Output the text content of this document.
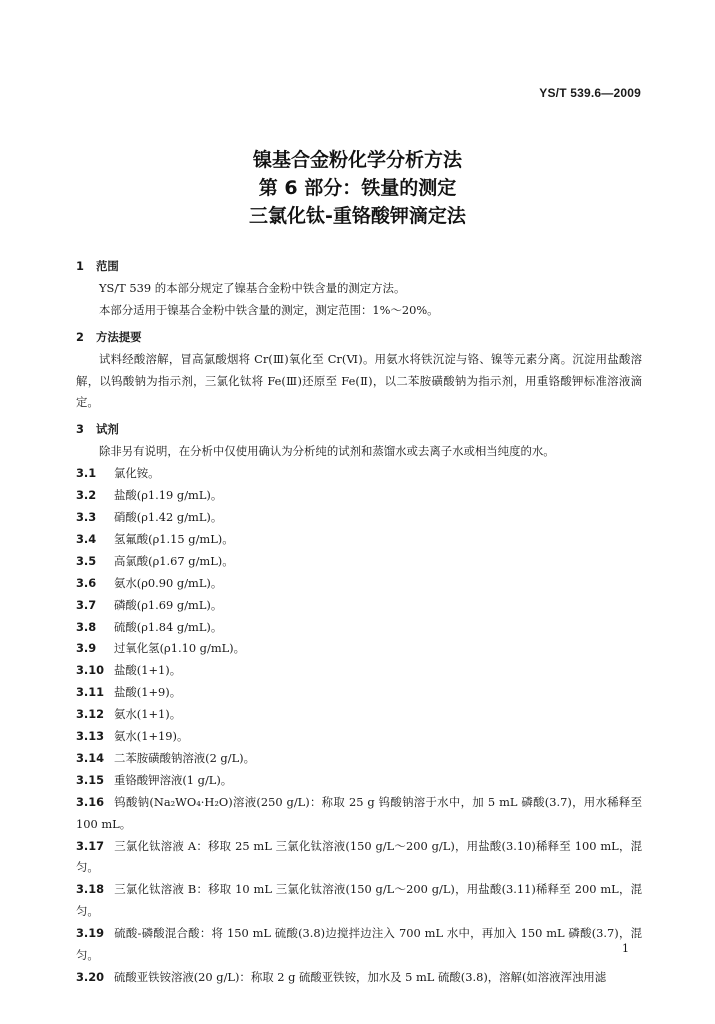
YS/T 539.6—2009
镍基合金粉化学分析方法
第 6 部分：铁量的测定
三氯化钛-重铬酸钾滴定法
1 范围
YS/T 539 的本部分规定了镍基合金粉中铁含量的测定方法。
本部分适用于镍基合金粉中铁含量的测定，测定范围：1%～20%。
2 方法提要
试料经酸溶解，冒高氯酸烟将 Cr(Ⅲ)氧化至 Cr(Ⅵ)。用氨水将铁沉淀与铬、镍等元素分离。沉淀用盐酸溶解，以钨酸钠为指示剂，三氯化钛将 Fe(Ⅲ)还原至 Fe(Ⅱ)，以二苯胺磺酸钠为指示剂，用重铬酸钾标准溶液滴定。
3 试剂
除非另有说明，在分析中仅使用确认为分析纯的试剂和蒸馏水或去离子水或相当纯度的水。
3.1 氯化铵。
3.2 盐酸(ρ1.19 g/mL)。
3.3 硝酸(ρ1.42 g/mL)。
3.4 氢氟酸(ρ1.15 g/mL)。
3.5 高氯酸(ρ1.67 g/mL)。
3.6 氨水(ρ0.90 g/mL)。
3.7 磷酸(ρ1.69 g/mL)。
3.8 硫酸(ρ1.84 g/mL)。
3.9 过氧化氢(ρ1.10 g/mL)。
3.10 盐酸(1+1)。
3.11 盐酸(1+9)。
3.12 氨水(1+1)。
3.13 氨水(1+19)。
3.14 二苯胺磺酸钠溶液(2 g/L)。
3.15 重铬酸钾溶液(1 g/L)。
3.16 钨酸钠(Na₂WO₄·H₂O)溶液(250 g/L)：称取 25 g 钨酸钠溶于水中，加 5 mL 磷酸(3.7)，用水稀释至 100 mL。
3.17 三氯化钛溶液 A：移取 25 mL 三氯化钛溶液(150 g/L～200 g/L)，用盐酸(3.10)稀释至 100 mL，混匀。
3.18 三氯化钛溶液 B：移取 10 mL 三氯化钛溶液(150 g/L～200 g/L)，用盐酸(3.11)稀释至 200 mL，混匀。
3.19 硫酸-磷酸混合酸：将 150 mL 硫酸(3.8)边搅拌边注入 700 mL 水中，再加入 150 mL 磷酸(3.7)，混匀。
3.20 硫酸亚铁铵溶液(20 g/L)：称取 2 g 硫酸亚铁铵，加水及 5 mL 硫酸(3.8)，溶解(如溶液浑浊用滤
1
